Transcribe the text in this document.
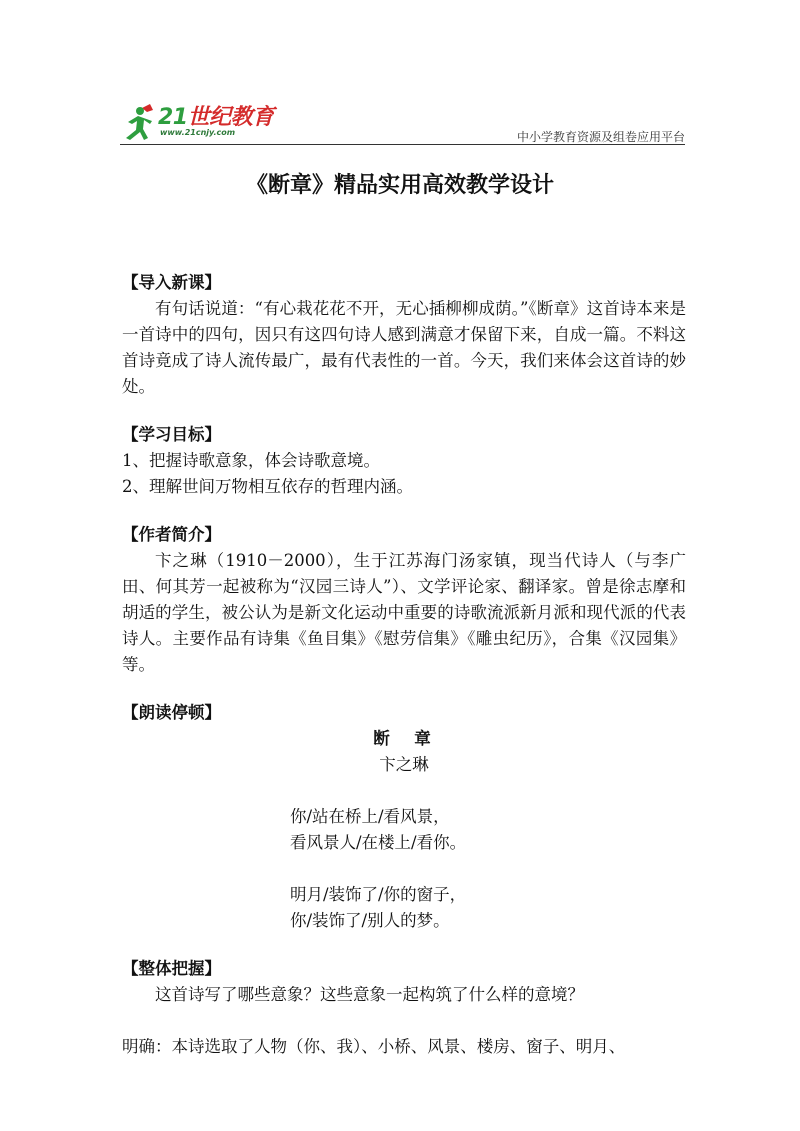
21世纪教育
www.21cnjy.com	中小学教育资源及组卷应用平台
《断章》精品实用高效教学设计

【导入新课】

有句话说道：“有心栽花花不开，无心插柳柳成荫。”《断章》这首诗本来是一首诗中的四句，因只有这四句诗人感到满意才保留下来，自成一篇。不料这首诗竟成了诗人流传最广，最有代表性的一首。今天，我们来体会这首诗的妙处。

【学习目标】

1、把握诗歌意象，体会诗歌意境。
2、理解世间万物相互依存的哲理内涵。

【作者简介】

卞之琳（1910－2000），生于江苏海门汤家镇，现当代诗人（与李广田、何其芳一起被称为“汉园三诗人”）、文学评论家、翻译家。曾是徐志摩和胡适的学生，被公认为是新文化运动中重要的诗歌流派新月派和现代派的代表诗人。主要作品有诗集《鱼目集》《慰劳信集》《雕虫纪历》，合集《汉园集》等。

【朗读停顿】

断　章

卞之琳

你/站在桥上/看风景，

看风景人/在楼上/看你。

明月/装饰了/你的窗子，

你/装饰了/别人的梦。

【整体把握】

这首诗写了哪些意象？这些意象一起构筑了什么样的意境？

明确：本诗选取了人物（你、我）、小桥、风景、楼房、窗子、明月、
